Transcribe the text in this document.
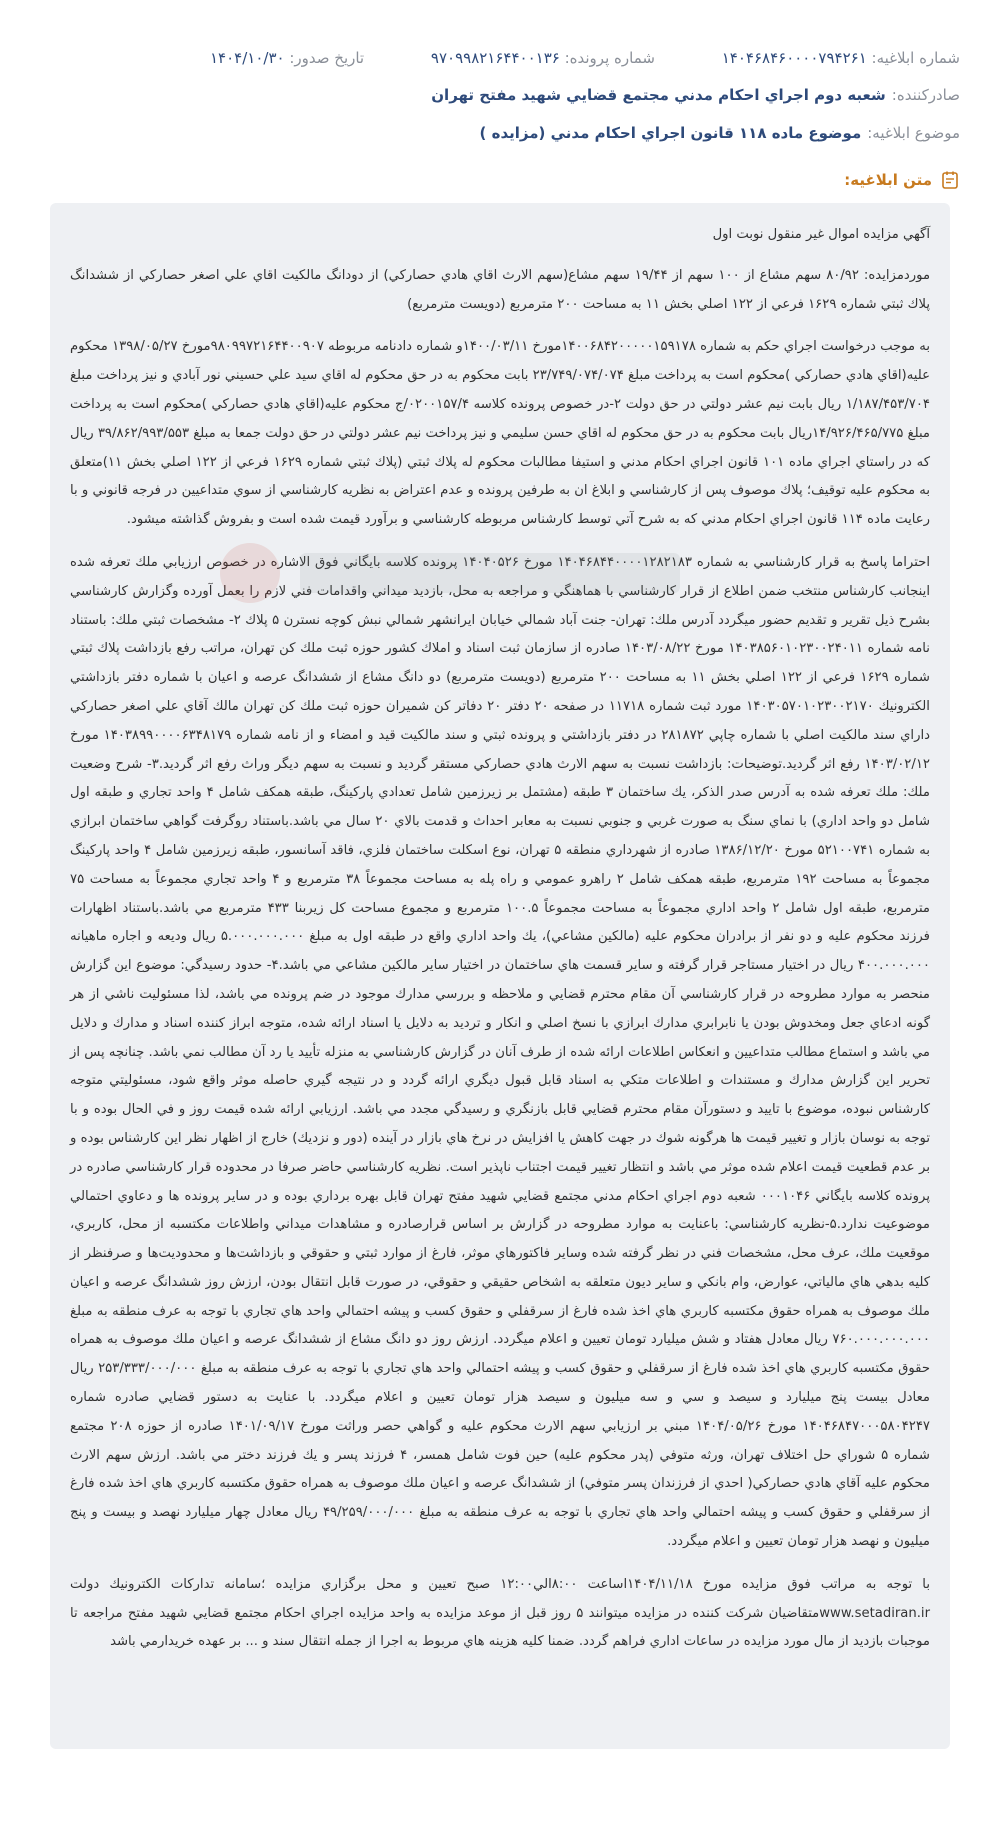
شماره ابلاغیه: ۱۴۰۴۶۸۴۶۰۰۰۰۷۹۴۲۶۱
شماره پرونده: ۹۷۰۹۹۸۲۱۶۴۴۰۰۱۳۶
تاریخ صدور: ۱۴۰۴/۱۰/۳۰
صادرکننده:
شعبه دوم اجراي احكام مدني مجتمع قضايي شهيد مفتح تهران
موضوع ابلاغیه:
موضوع ماده ۱۱۸ قانون اجراي احكام مدني (مزايده )
متن ابلاغیه:

آگهي مزايده اموال غير منقول نوبت اول

موردمزايده: ۸۰/۹۲ سهم مشاع از ۱۰۰ سهم از ۱۹/۴۴ سهم مشاع(سهم الارث اقاي هادي حصاركي) از دودانگ مالكيت اقاي علي اصغر حصاركي از ششدانگ پلاك ثبتي شماره ۱۶۲۹ فرعي از ۱۲۲ اصلي بخش ۱۱ به مساحت ۲۰۰ مترمربع (دويست مترمربع)

به موجب درخواست اجراي حكم به شماره ۱۴۰۰۶۸۴۲۰۰۰۰۰۱۵۹۱۷۸مورخ ۱۴۰۰/۰۳/۱۱و شماره دادنامه مربوطه ۹۸۰۹۹۷۲۱۶۴۴۰۰۹۰۷مورخ ۱۳۹۸/۰۵/۲۷ محكوم عليه(اقاي هادي حصاركي )محكوم است به پرداخت مبلغ ۲۳/۷۴۹/۰۷۴/۰۷۴ بابت محكوم به در حق محكوم له اقاي سيد علي حسيني نور آبادي و نيز پرداخت مبلغ ۱/۱۸۷/۴۵۳/۷۰۴ ريال بابت نيم عشر دولتي در حق دولت ۲-در خصوص پرونده كلاسه ۰۲۰۰۱۵۷/۴/ج محكوم عليه(اقاي هادي حصاركي )محكوم است به پرداخت مبلغ ۱۴/۹۲۶/۴۶۵/۷۷۵ريال بابت محكوم به در حق محكوم له اقاي حسن سليمي و نيز پرداخت نيم عشر دولتي در حق دولت جمعا به مبلغ ۳۹/۸۶۲/۹۹۳/۵۵۳ ريال كه در راستاي اجراي ماده ۱۰۱ قانون اجراي احكام مدني و استيفا مطالبات محكوم له پلاك ثبتي (پلاك ثبتي شماره ۱۶۲۹ فرعي از ۱۲۲ اصلي بخش ۱۱)متعلق به محكوم عليه توقيف؛ پلاك موصوف پس از كارشناسي و ابلاغ ان به طرفين پرونده و عدم اعتراض به نظريه كارشناسي از سوي متداعيين در فرجه قانوني و با رعايت ماده ۱۱۴ قانون اجراي احكام مدني كه به شرح آتي توسط كارشناس مربوطه كارشناسي و برآورد قيمت شده است و بفروش گذاشته ميشود.

احتراما پاسخ به قرار كارشناسي به شماره ۱۴۰۴۶۸۴۴۰۰۰۰۱۲۸۲۱۸۳ مورخ ۱۴۰۴۰۵۲۶ پرونده كلاسه بايگاني فوق الاشاره در خصوص ارزيابي ملك تعرفه شده اينجانب كارشناس منتخب ضمن اطلاع از قرار كارشناسي با هماهنگي و مراجعه به محل، بازديد ميداني واقدامات فني لازم را بعمل آورده وگزارش كارشناسي بشرح ذيل تقرير و تقديم حضور ميگردد آدرس ملك: تهران- جنت آباد شمالي خيابان ايرانشهر شمالي نبش كوچه نسترن ۵ پلاك ۲- مشخصات ثبتي ملك: باستناد نامه شماره ۱۴۰۳۸۵۶۰۱۰۲۳۰۰۲۴۰۱۱ مورخ ۱۴۰۳/۰۸/۲۲ صادره از سازمان ثبت اسناد و املاك كشور حوزه ثبت ملك كن تهران، مراتب رفع بازداشت پلاك ثبتي شماره ۱۶۲۹ فرعي از ۱۲۲ اصلي بخش ۱۱ به مساحت ۲۰۰ مترمربع (دويست مترمربع) دو دانگ مشاع از ششدانگ عرصه و اعيان با شماره دفتر بازداشتي الكترونيك ۱۴۰۳۰۵۷۰۱۰۲۳۰۰۲۱۷۰ مورد ثبت شماره ۱۱۷۱۸ در صفحه ۲۰ دفتر ۲۰ دفاتر كن شميران حوزه ثبت ملك كن تهران مالك آقاي علي اصغر حصاركي داراي سند مالكيت اصلي با شماره چاپي ۲۸۱۸۷۲ در دفتر بازداشتي و پرونده ثبتي و سند مالكيت قيد و امضاء و از نامه شماره ۱۴۰۳۸۹۹۰۰۰۰۶۳۴۸۱۷۹ مورخ ۱۴۰۳/۰۲/۱۲ رفع اثر گرديد.توضيحات: بازداشت نسبت به سهم الارث هادي حصاركي مستقر گرديد و نسبت به سهم ديگر وراث رفع اثر گرديد.۳- شرح وضعيت ملك: ملك تعرفه شده به آدرس صدر الذكر، يك ساختمان ۳ طبقه (مشتمل بر زيرزمين شامل تعدادي پاركينگ، طبقه همكف شامل ۴ واحد تجاري و طبقه اول شامل دو واحد اداري) با نماي سنگ به صورت غربي و جنوبي نسبت به معابر احداث و قدمت بالاي ۲۰ سال مي باشد.باستناد روگرفت گواهي ساختمان ابرازي به شماره ۵۲۱۰۰۷۴۱ مورخ ۱۳۸۶/۱۲/۲۰ صادره از شهرداري منطقه ۵ تهران، نوع اسكلت ساختمان فلزي، فاقد آسانسور، طبقه زيرزمين شامل ۴ واحد پاركينگ مجموعاً به مساحت ۱۹۲ مترمربع، طبقه همكف شامل ۲ راهرو عمومي و راه پله به مساحت مجموعاً ۳۸ مترمربع و ۴ واحد تجاري مجموعاً به مساحت ۷۵ مترمربع، طبقه اول شامل ۲ واحد اداري مجموعاً به مساحت مجموعاً ۱۰۰.۵ مترمربع و مجموع مساحت كل زيربنا ۴۳۳ مترمربع مي باشد.باستناد اظهارات فرزند محكوم عليه و دو نفر از برادران محكوم عليه (مالكين مشاعي)، يك واحد اداري واقع در طبقه اول به مبلغ ۵.۰۰۰.۰۰۰.۰۰۰ ريال وديعه و اجاره ماهيانه ۴۰۰.۰۰۰.۰۰۰ ريال در اختيار مستاجر قرار گرفته و ساير قسمت هاي ساختمان در اختيار ساير مالكين مشاعي مي باشد.۴- حدود رسيدگي: موضوع اين گزارش منحصر به موارد مطروحه در قرار كارشناسي آن مقام محترم قضايي و ملاحظه و بررسي مدارك موجود در ضم پرونده مي باشد، لذا مسئوليت ناشي از هر گونه ادعاي جعل ومخدوش بودن يا نابرابري مدارك ابرازي با نسخ اصلي و انكار و ترديد به دلايل يا اسناد ارائه شده، متوجه ابراز كننده اسناد و مدارك و دلايل مي باشد و استماع مطالب متداعيين و انعكاس اطلاعات ارائه شده از طرف آنان در گزارش كارشناسي به منزله تأييد يا رد آن مطالب نمي باشد. چنانچه پس از تحرير اين گزارش مدارك و مستندات و اطلاعات متكي به اسناد قابل قبول ديگري ارائه گردد و در نتيجه گيري حاصله موثر واقع شود، مسئوليتي متوجه كارشناس نبوده، موضوع با تاييد و دستورآن مقام محترم قضايي قابل بازنگري و رسيدگي مجدد مي باشد. ارزيابي ارائه شده قيمت روز و في الحال بوده و با توجه به نوسان بازار و تغيير قيمت ها هرگونه شوك در جهت كاهش يا افزايش در نرخ هاي بازار در آينده (دور و نزديك) خارج از اظهار نظر اين كارشناس بوده و بر عدم قطعيت قيمت اعلام شده موثر مي باشد و انتظار تغيير قيمت اجتناب ناپذير است. نظريه كارشناسي حاضر صرفا در محدوده قرار كارشناسي صادره در پرونده كلاسه بايگاني ۰۰۰۱۰۴۶ شعبه دوم اجراي احكام مدني مجتمع قضايي شهيد مفتح تهران قابل بهره برداري بوده و در ساير پرونده ها و دعاوي احتمالي موضوعيت ندارد.۵-نظريه كارشناسي: باعنايت به موارد مطروحه در گزارش بر اساس قرارصادره و مشاهدات ميداني واطلاعات مكتسبه از محل، كاربري، موقعيت ملك، عرف محل، مشخصات فني در نظر گرفته شده وساير فاكتورهاي موثر، فارغ از موارد ثبتي و حقوقي و بازداشت‌ها و محدوديت‌ها و صرفنظر از كليه بدهي هاي مالياتي، عوارض، وام بانكي و ساير ديون متعلقه به اشخاص حقيقي و حقوقي، در صورت قابل انتقال بودن، ارزش روز ششدانگ عرصه و اعيان ملك موصوف به همراه حقوق مكتسبه كاربري هاي اخذ شده فارغ از سرقفلي و حقوق كسب و پيشه احتمالي واحد هاي تجاري با توجه به عرف منطقه به مبلغ ۷۶۰.۰۰۰.۰۰۰.۰۰۰ ريال معادل هفتاد و شش ميليارد تومان تعيين و اعلام ميگردد. ارزش روز دو دانگ مشاع از ششدانگ عرصه و اعيان ملك موصوف به همراه حقوق مكتسبه كاربري هاي اخذ شده فارغ از سرقفلي و حقوق كسب و پيشه احتمالي واحد هاي تجاري با توجه به عرف منطقه به مبلغ ۲۵۳/۳۳۳/۰۰۰/۰۰۰ ريال معادل بيست پنج ميليارد و سيصد و سي و سه ميليون و سيصد هزار تومان تعيين و اعلام ميگردد. با عنايت به دستور قضايي صادره شماره ۱۴۰۴۶۸۴۷۰۰۰۵۸۰۴۲۴۷ مورخ ۱۴۰۴/۰۵/۲۶ مبني بر ارزيابي سهم الارث محكوم عليه و گواهي حصر وراثت مورخ ۱۴۰۱/۰۹/۱۷ صادره از حوزه ۲۰۸ مجتمع شماره ۵ شوراي حل اختلاف تهران، ورثه متوفي (پدر محكوم عليه) حين فوت شامل همسر، ۴ فرزند پسر و يك فرزند دختر مي باشد. ارزش سهم الارث محكوم عليه آقاي هادي حصاركي( احدي از فرزندان پسر متوفي) از ششدانگ عرصه و اعيان ملك موصوف به همراه حقوق مكتسبه كاربري هاي اخذ شده فارغ از سرقفلي و حقوق كسب و پيشه احتمالي واحد هاي تجاري با توجه به عرف منطقه به مبلغ ۴۹/۲۵۹/۰۰۰/۰۰۰ ريال معادل چهار ميليارد نهصد و بيست و پنج ميليون و نهصد هزار تومان تعيين و اعلام ميگردد.

با توجه به مراتب فوق مزايده مورخ ۱۴۰۴/۱۱/۱۸اساعت ۸:۰۰الي۱۲:۰۰ صبح تعيين و محل برگزاري مزايده ؛سامانه تداركات الكترونيك دولت www.setadiran.irمتقاضيان شركت كننده در مزايده ميتوانند ۵ روز قبل از موعد مزايده به واحد مزايده اجراي احكام مجتمع قضايي شهيد مفتح مراجعه تا موجبات بازديد از مال مورد مزايده در ساعات اداري فراهم گردد. ضمنا كليه هزينه هاي مربوط به اجرا از جمله انتقال سند و ... بر عهده خريدارمي باشد
